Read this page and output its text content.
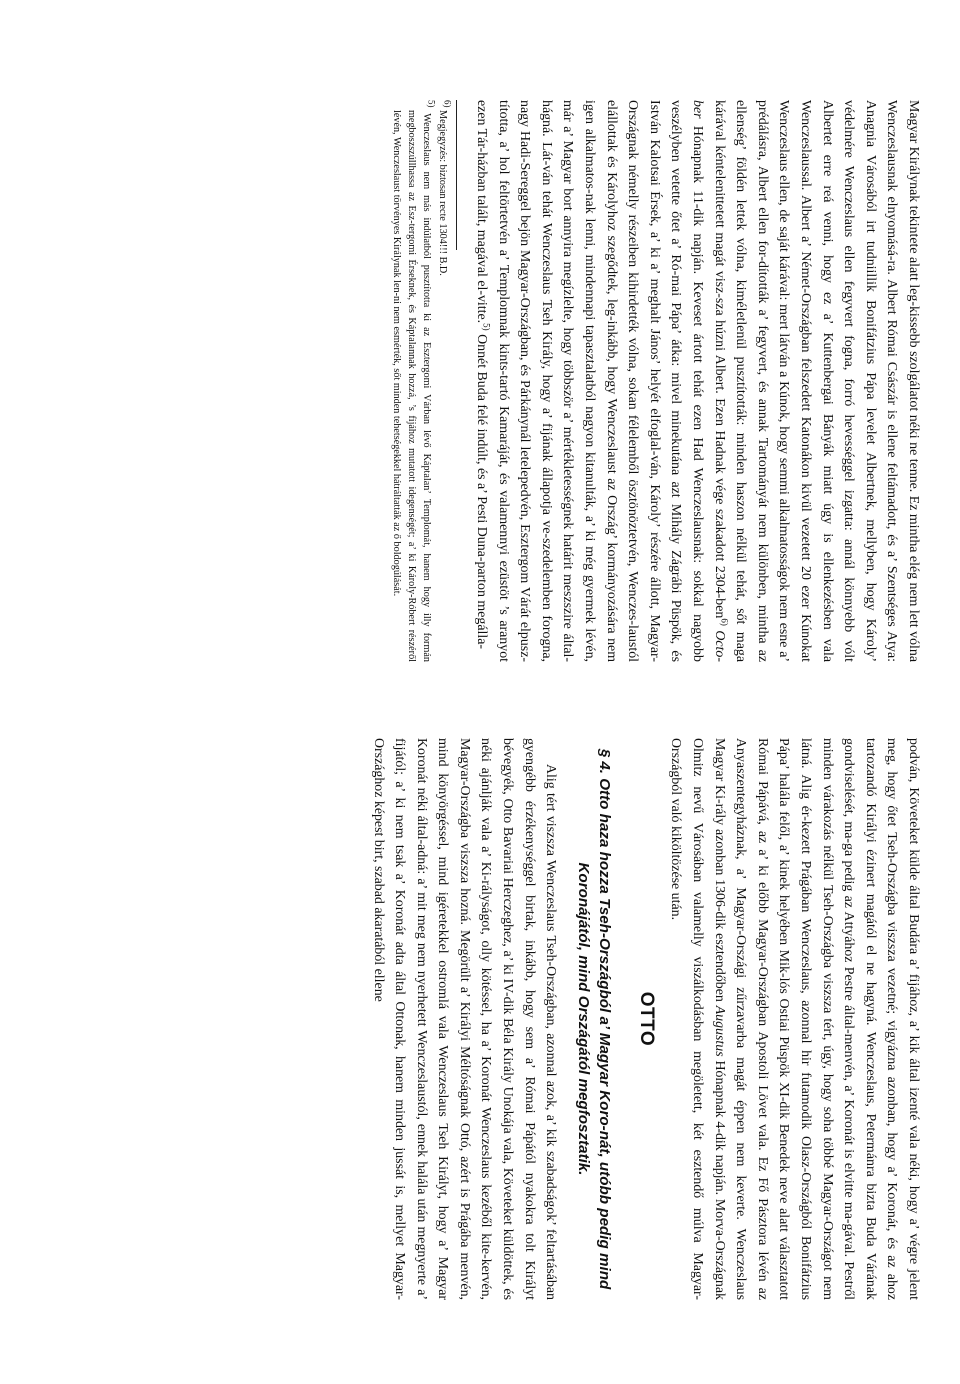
Magyar Királynak tekintete alatt leg-kissebb szolgálatot néki ne tenne. Ez mintha elég nem lett vólna Wenczeslausnak elnyomásá-ra. Albert Római Császár is ellene feltámadott, és a’ Szentséges Atya: Anagnia Városából irt tudniillik Bonifátzius Pápa levelet Albertnek, mellyben, hogy Károly’ védelmére Wenczeslaus ellen fegyvert fogna, forró hevességgel izgatta: annál könnyebb vólt Albertet erre reá venni, hogy ez a’ Kuttenbergai Bányák miatt úgy is ellenkezésben vala Wenczeslaussal. Albert a’ Német-Országban felszedett Katonákon kivül vezetett 20 ezer Kúnokat Wenczeslaus ellen, de saját kárával: mert látván a Kúnok, hogy semmi alkalmatosságok nem esne a’ prédálásra, Albert ellen for-dították a’ fegyvert, és annak Tartományát nem különben, mintha az ellenség’ földén lettek vólna, kiméletlenül pusztították: minden haszon nélkül tehát, sőt maga kárával kéntelenittetett magát visz-sza húzni Albert. Ezen Hadnak vége szakadott 2304-ben$^{6)}$ Octo-ber Hónapnak 11-dik napján. Keveset ártott tehát ezen Had Wenczeslausnak: sokkal nagyobb veszélyben vetette őtet a’ Ró-mai Pápa’ átka: mivel minekutána azt Mihály Zágrábi Püspök, és István Kalotsai Érsek, a’ ki a’ meghalt János’ helyét elfoglal-ván, Károly’ részére állott, Magyar-Országnak némelly részeiben kihirdették vólna, sokan félelemből ösztönöztetvén, Wenczes-laustól elállottak és Károlyhoz szegődtek, leg-inkább, hogy Wenczeslaust az Ország’ kormányozására nem igen alkalmatos-nak lenni, mindennapi tapasztalatból nagyon kitanulták, a’ ki még gyermek lévén, már a’ Magyar bort annyira megízlelte, hogy többször a’ mértékletességnek határit meszszire által-hágná. Lát-ván tehát Wenczeslaus Tseh Király, hogy a’ fijának állapotja ve-szedelemben forogna, nagy Hadi-Sereggel bejön Magyar-Országban, és Párkánynál letelepedvén, Esztergom Várát elpusz-tította, a’ hol feltörtetvén a’ Templomnak kints-tartó Kamaráját, és valamennyi ezüstöt ’s aranyot ezen Tár-házban talált, magával el-vitte.$^{5)}$ Onnét Buda felé indúlt, és a’ Pesti Duna-parton megálla-

6) Megjegyzés: biztosan recte 1304!!! B.D.

5) Wenczeslaus nem más indúlatból pusztította ki az Esztergomi Várban lévő Káptalan’ Templomát, hanem hogy illy formán megboszszúllhassa az Esz-tergomi Érseknek, és Káptalannak hozzá, ’s fijához mutatott idegenségét; a’ ki Károly-Róbert részéről lévén, Wenczeslaust törvényes Királynak len-ni nem esmérték, sőt minden tehetségekkel hátráltatták az ő boldogúlását.

podván, Követeket külde által Budára a’ fijához, a’ kik által izenté vala néki, hogy a’ végre jelent meg, hogy őtet Tseh-Országba viszsza vezetné; vigyázna azonban, hogy a’ Koronát, és az ahoz tartozandó Királyi ézinert magától el ne hagyná. Wenczeslaus, Petermánra bizta Buda Várának gondviselését, ma-ga pedig az Attyához Pestre által-menvén, a’ Koronát is elvitte ma-gával. Pestről minden várakozás nélkül Tseh-Országba viszsza tért, úgy, hogy soha többé Magyar-Országot nem látná. Alig ér-kezett Prágában Wenczeslaus, azonnal hir futamodik Olasz-Országból Bonifátzius Pápa’ halála felől, a’ kinek helyében Mik-lós Ostiai Püspök XI-dik Benedek neve alatt választatott Római Pápává, az a’ ki előbb Magyar-Országban Apostoli Lövet vala. Ez Fő Pásztora lévén az Anyaszentegyháznak, a’ Magyar-Országi zűrzavarba magát éppen nem keverte. Wenczeslaus Magyar Ki-rály azonban 1306-dik esztendőben Augustus Hónapnak 4-dik napján. Morva-Országnak Olmitz nevű Városában valamelly viszálkodásban megöletett, két esztendő múlva Magyar-Országból való kiköltözése után.

OTTO
§ 4. Otto haza hozza Tseh-Országból a’ Magyar Koro-nát, utóbb pedig mind Koronájától, mind Országától megfosztatik.

Alig tért viszsza Wenczeslaus Tseh-Országban, azonnal azok, a’ kik szabadságok’ feltartásában gyengébb érzékenységgel birtak, inkább, hogy sem a’ Római Pápától nyakokra tolt Királyt bévegyék, Otto Bavariai Herczeghez, a’ ki IV-dik Béla Király Unokája vala, Követeket küldöttek, és néki ajánlják vala a’ Ki-rályságot, olly kötéssel, ha a’ Koronát Wenczeslaus kezéből kite-kervén, Magyar-Országba viszsza hozná. Megörült a’ Királyi Méltóságnak Ottó, azért is Prágába menvén, mind könyörgéssel, mind igéretekkel ostromlá vala Wenczeslaus Tseh Királyt, hogy a’ Magyar Koronát néki által-adná: a’ mit meg nem nyerhetett Wenczeslaustól, ennek halála után megnyerte a’ fijától; a’ ki nem tsak a’ Koronát adta által Ottonak, hanem minden jussát is, mellyet Magyar-Országhoz képest birt, szabad akaratából ellene
